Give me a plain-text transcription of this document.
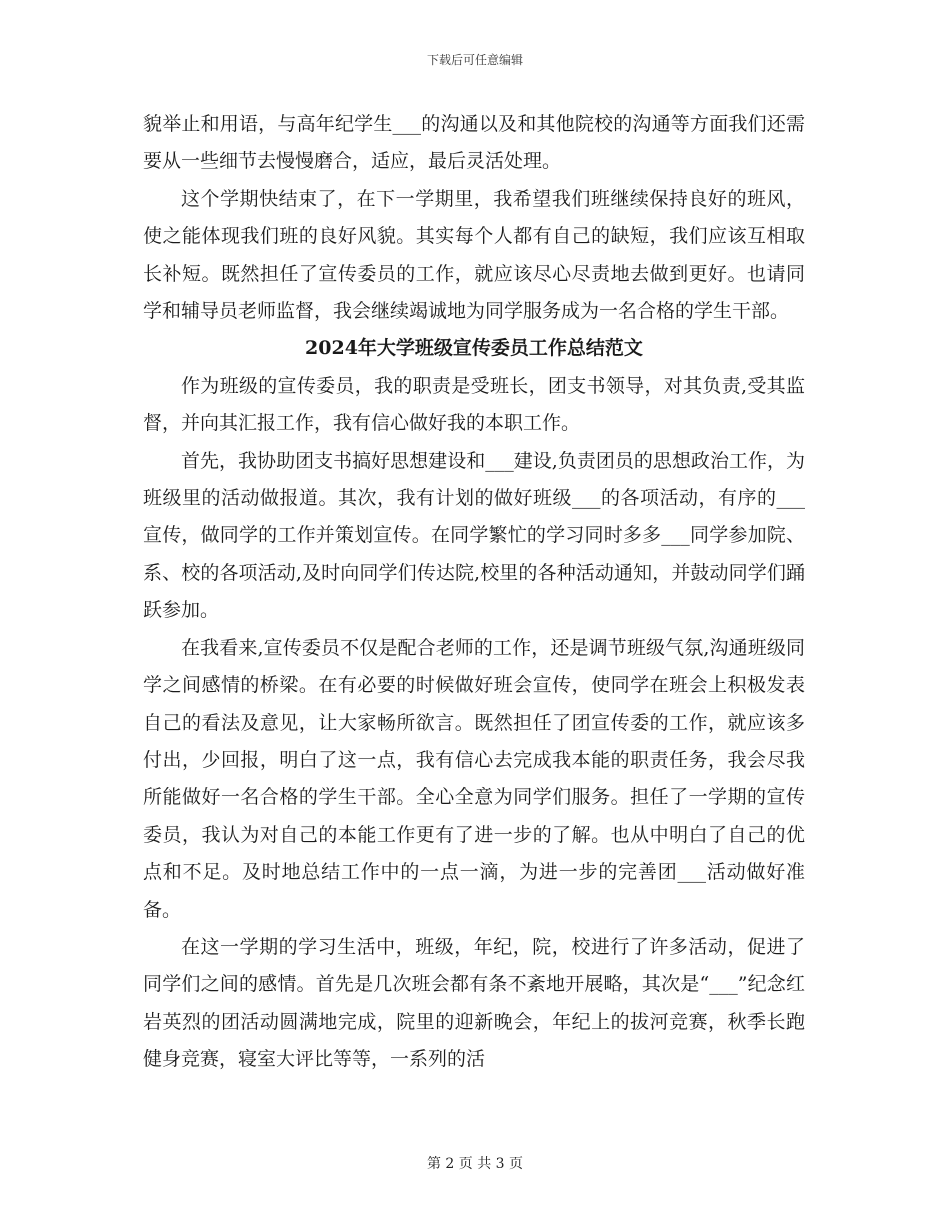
下载后可任意编辑

貌举止和用语，与高年纪学生___的沟通以及和其他院校的沟通等方面我们还需要从一些细节去慢慢磨合，适应，最后灵活处理。

这个学期快结束了，在下一学期里，我希望我们班继续保持良好的班风，使之能体现我们班的良好风貌。其实每个人都有自己的缺短，我们应该互相取长补短。既然担任了宣传委员的工作，就应该尽心尽责地去做到更好。也请同学和辅导员老师监督，我会继续竭诚地为同学服务成为一名合格的学生干部。

2024年大学班级宣传委员工作总结范文

作为班级的宣传委员，我的职责是受班长，团支书领导，对其负责,受其监督，并向其汇报工作，我有信心做好我的本职工作。

首先，我协助团支书搞好思想建设和___建设,负责团员的思想政治工作，为班级里的活动做报道。其次，我有计划的做好班级___的各项活动，有序的___宣传，做同学的工作并策划宣传。在同学繁忙的学习同时多多___同学参加院、系、校的各项活动,及时向同学们传达院,校里的各种活动通知，并鼓动同学们踊跃参加。

在我看来,宣传委员不仅是配合老师的工作，还是调节班级气氛,沟通班级同学之间感情的桥梁。在有必要的时候做好班会宣传，使同学在班会上积极发表自己的看法及意见，让大家畅所欲言。既然担任了团宣传委的工作，就应该多付出，少回报，明白了这一点，我有信心去完成我本能的职责任务，我会尽我所能做好一名合格的学生干部。全心全意为同学们服务。担任了一学期的宣传委员，我认为对自己的本能工作更有了进一步的了解。也从中明白了自己的优点和不足。及时地总结工作中的一点一滴，为进一步的完善团___活动做好准备。

在这一学期的学习生活中，班级，年纪，院，校进行了许多活动，促进了同学们之间的感情。首先是几次班会都有条不紊地开展略，其次是“___”纪念红岩英烈的团活动圆满地完成，院里的迎新晚会，年纪上的拔河竞赛，秋季长跑健身竞赛，寝室大评比等等，一系列的活

第 2 页 共 3 页
